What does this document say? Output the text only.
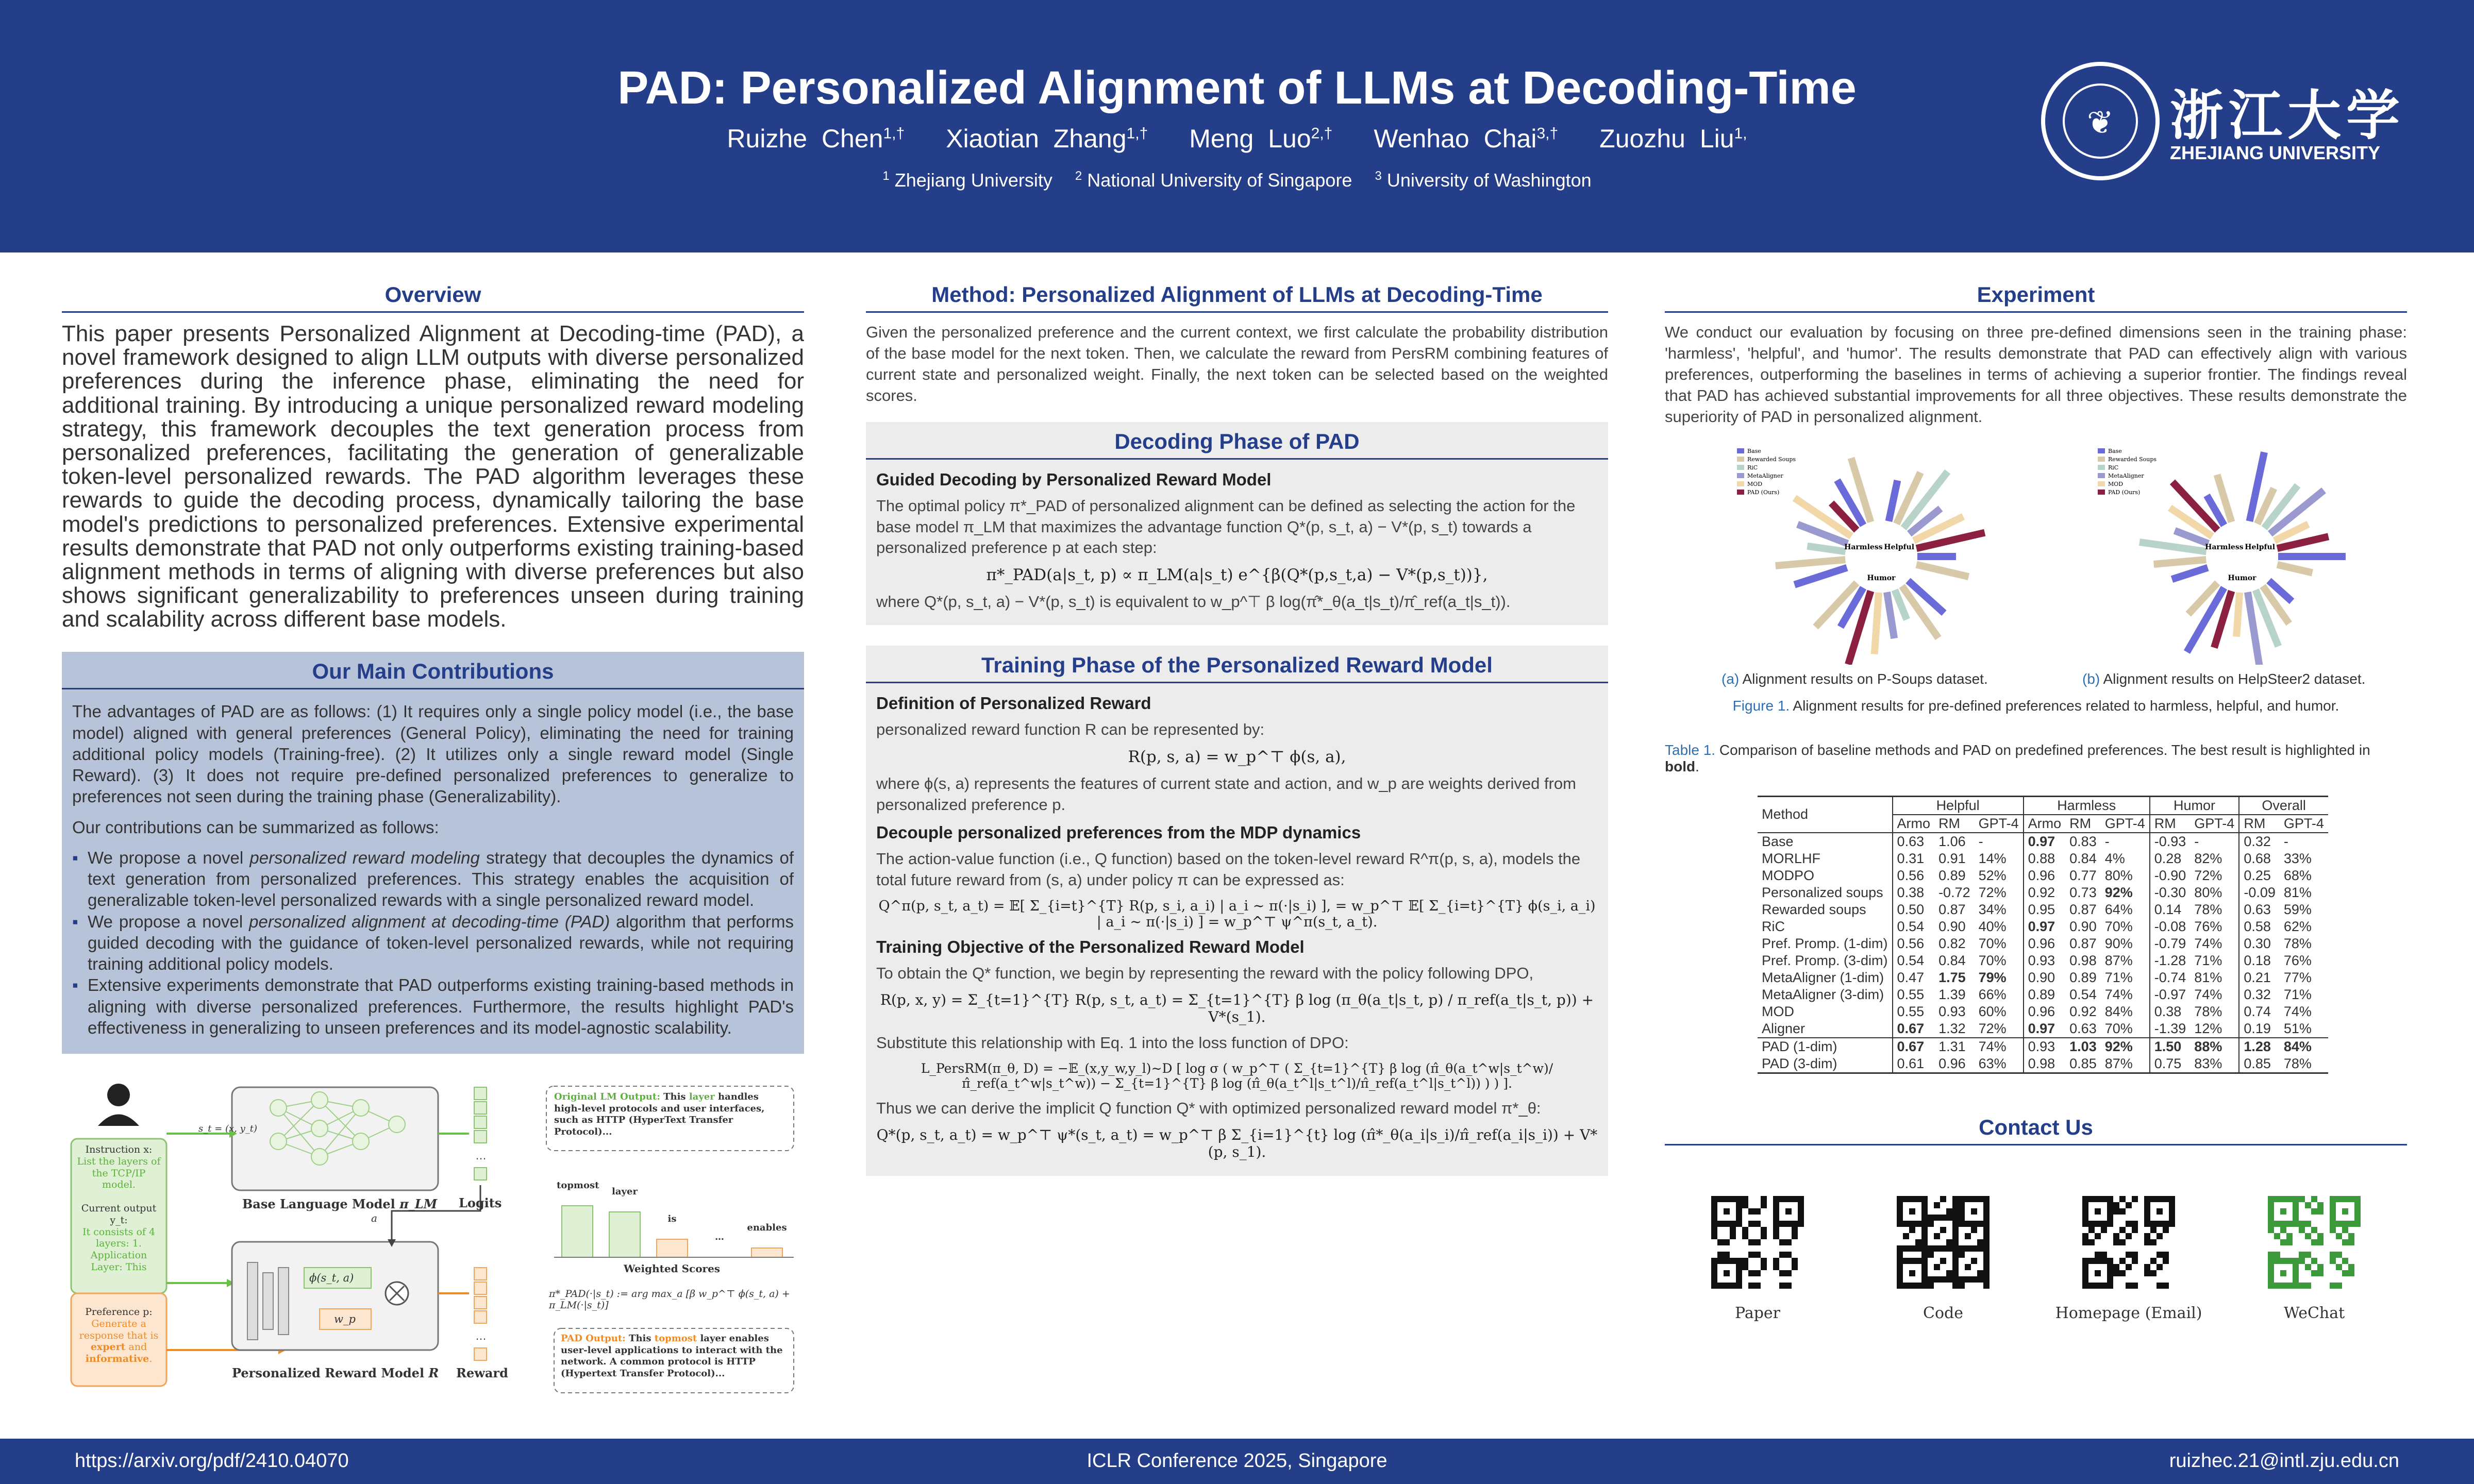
PAD: Personalized Alignment of LLMs at Decoding-Time
Ruizhe Chen$^{1,\dagger}$ Xiaotian Zhang$^{1,\dagger}$ Meng Luo$^{2,\dagger}$ Wenhao Chai$^{3,\dagger}$ Zuozhu Liu$^{1,}$
$^1$ Zhejiang University $^2$ National University of Singapore $^3$ University of Washington
❦	浙江大学
ZHEJIANG UNIVERSITY
Overview
This paper presents Personalized Alignment at Decoding-time (PAD), a novel framework designed to align LLM outputs with diverse personalized preferences during the inference phase, eliminating the need for additional training. By introducing a unique personalized reward modeling strategy, this framework decouples the text generation process from personalized preferences, facilitating the generation of generalizable token-level personalized rewards. The PAD algorithm leverages these rewards to guide the decoding process, dynamically tailoring the base model's predictions to personalized preferences. Extensive experimental results demonstrate that PAD not only outperforms existing training-based alignment methods in terms of aligning with diverse preferences but also shows significant generalizability to preferences unseen during training and scalability across different base models.
Our Main Contributions

The advantages of PAD are as follows: (1) It requires only a single policy model (i.e., the base model) aligned with general preferences (General Policy), eliminating the need for training additional policy models (Training-free). (2) It utilizes only a single reward model (Single Reward). (3) It does not require pre-defined personalized preferences to generalize to preferences not seen during the training phase (Generalizability).

Our contributions can be summarized as follows:

▪ We propose a novel personalized reward modeling strategy that decouples the dynamics of text generation from personalized preferences. This strategy enables the acquisition of generalizable token-level personalized rewards with a single personalized reward model.
▪ We propose a novel personalized alignment at decoding-time (PAD) algorithm that performs guided decoding with the guidance of token-level personalized rewards, while not requiring training additional policy models.
▪ Extensive experiments demonstrate that PAD outperforms existing training-based methods in aligning with diverse personalized preferences. Furthermore, the results highlight PAD's effectiveness in generalizing to unseen preferences and its model-agnostic scalability.
s_t = (x, y_t)
Instruction x: List the layers of the TCP/IP model.

Current output y_t:
It consists of 4 layers: 1. Application Layer: This
Preference p:
Generate a response that is expert and informative.
Base Language Model π_LM Logits
…
…
ϕ(s_t, a)
w_p
a
Personalized Reward Model R Reward
Original LM Output: This layer handles high-level protocols and user interfaces, such as HTTP (HyperText Transfer Protocol)...
Weighted Scores
π*_PAD(·|s_t) := arg max_a [β w_p^⊤ ϕ(s_t, a) + π_LM(·|s_t)]
PAD Output: This topmost layer enables user-level applications to interact with the network. A common protocol is HTTP (Hypertext Transfer Protocol)...
topmost
layer
is
…
enables
Method: Personalized Alignment of LLMs at Decoding-Time
Given the personalized preference and the current context, we first calculate the probability distribution of the base model for the next token. Then, we calculate the reward from PersRM combining features of current state and personalized weight. Finally, the next token can be selected based on the weighted scores.
Decoding Phase of PAD
Guided Decoding by Personalized Reward Model

The optimal policy π*_PAD of personalized alignment can be defined as selecting the action for the base model π_LM that maximizes the advantage function Q*(p, s_t, a) − V*(p, s_t) towards a personalized preference p at each step:

π*_PAD(a|s_t, p) ∝ π_LM(a|s_t) e^{β(Q*(p,s_t,a) − V*(p,s_t))},

where Q*(p, s_t, a) − V*(p, s_t) is equivalent to w_p^⊤ β log(π̂*_θ(a_t|s_t)/π̂_ref(a_t|s_t)).

Training Phase of the Personalized Reward Model
Definition of Personalized Reward

personalized reward function R can be represented by:

R(p, s, a) = w_p^⊤ ϕ(s, a),

where ϕ(s, a) represents the features of current state and action, and w_p are weights derived from personalized preference p.

Decouple personalized preferences from the MDP dynamics

The action-value function (i.e., Q function) based on the token-level reward R^π(p, s, a), models the total future reward from (s, a) under policy π can be expressed as:

Q^π(p, s_t, a_t) = 𝔼[ Σ_{i=t}^{T} R(p, s_i, a_i) | a_i ∼ π(·|s_i) ], = w_p^⊤ 𝔼[ Σ_{i=t}^{T} ϕ(s_i, a_i) | a_i ∼ π(·|s_i) ] = w_p^⊤ ψ^π(s_t, a_t).
Training Objective of the Personalized Reward Model

To obtain the Q* function, we begin by representing the reward with the policy following DPO,

R(p, x, y) = Σ_{t=1}^{T} R(p, s_t, a_t) = Σ_{t=1}^{T} β log (π_θ(a_t|s_t, p) / π_ref(a_t|s_t, p)) + V*(s_1).

Substitute this relationship with Eq. 1 into the loss function of DPO:

L_PersRM(π_θ, D) = −𝔼_(x,y_w,y_l)∼D [ log σ ( w_p^⊤ ( Σ_{t=1}^{T} β log (π̂_θ(a_t^w|s_t^w)/π̂_ref(a_t^w|s_t^w)) − Σ_{t=1}^{T} β log (π̂_θ(a_t^l|s_t^l)/π̂_ref(a_t^l|s_t^l)) ) ) ].

Thus we can derive the implicit Q function Q* with optimized personalized reward model π*_θ:

Q*(p, s_t, a_t) = w_p^⊤ ψ*(s_t, a_t) = w_p^⊤ β Σ_{i=1}^{t} log (π̂*_θ(a_i|s_i)/π̂_ref(a_i|s_i)) + V*(p, s_1).
Experiment
We conduct our evaluation by focusing on three pre-defined dimensions seen in the training phase: 'harmless', 'helpful', and 'humor'. The results demonstrate that PAD can effectively align with various preferences, outperforming the baselines in terms of achieving a superior frontier. The findings reveal that PAD has achieved substantial improvements for all three objectives. These results demonstrate the superiority of PAD in personalized alignment.
Helpful
Humor
Harmless
Base
Rewarded Soups
RiC
MetaAligner
MOD
PAD (Ours)
Helpful
Humor
Harmless
Base
Rewarded Soups
RiC
MetaAligner
MOD
PAD (Ours)
(a) Alignment results on P-Soups dataset.	(b) Alignment results on HelpSteer2 dataset.
Figure 1. Alignment results for pre-defined preferences related to harmless, helpful, and humor.
Table 1. Comparison of baseline methods and PAD on predefined preferences. The best result is highlighted in bold.
Method	Helpful			Harmless			Humor		Overall	
	Armo	RM	GPT-4	Armo	RM	GPT-4	RM	GPT-4	RM	GPT-4
Base	0.63	1.06	-	0.97	0.83	-	-0.93	-	0.32	-
MORLHF	0.31	0.91	14%	0.88	0.84	4%	0.28	82%	0.68	33%
MODPO	0.56	0.89	52%	0.96	0.77	80%	-0.90	72%	0.25	68%
Personalized soups	0.38	-0.72	72%	0.92	0.73	92%	-0.30	80%	-0.09	81%
Rewarded soups	0.50	0.87	34%	0.95	0.87	64%	0.14	78%	0.63	59%
RiC	0.54	0.90	40%	0.97	0.90	70%	-0.08	76%	0.58	62%
Pref. Promp. (1-dim)	0.56	0.82	70%	0.96	0.87	90%	-0.79	74%	0.30	78%
Pref. Promp. (3-dim)	0.54	0.84	70%	0.93	0.98	87%	-1.28	71%	0.18	76%
MetaAligner (1-dim)	0.47	1.75	79%	0.90	0.89	71%	-0.74	81%	0.21	77%
MetaAligner (3-dim)	0.55	1.39	66%	0.89	0.54	74%	-0.97	74%	0.32	71%
MOD	0.55	0.93	60%	0.96	0.92	84%	0.38	78%	0.74	74%
Aligner	0.67	1.32	72%	0.97	0.63	70%	-1.39	12%	0.19	51%
PAD (1-dim)	0.67	1.31	74%	0.93	1.03	92%	1.50	88%	1.28	84%
PAD (3-dim)	0.61	0.96	63%	0.98	0.85	87%	0.75	83%	0.85	78%
Contact Us
Paper	Code	Homepage (Email)	WeChat
https://arxiv.org/pdf/2410.04070	ICLR Conference 2025, Singapore	ruizhec.21@intl.zju.edu.cn
